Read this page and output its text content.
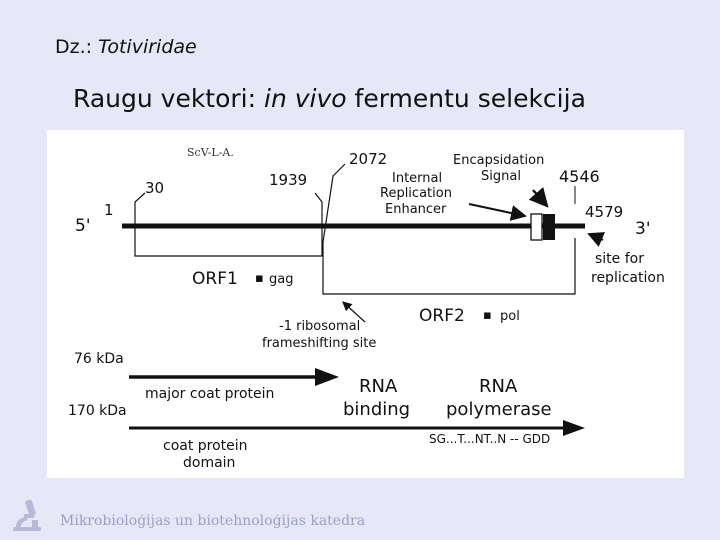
Dz.: Totiviridae
Raugu vektori: in vivo fermentu selekcija
ScV-L-A.
5'	3'
1
30	1939
ORF1 ▪ gag
2072
ORF2 ▪ pol
-1 ribosomal
frameshifting site
Internal
Replication
Enhancer
Encapsidation
Signal 4546
4579
site for
replication
76 kDa
major coat protein	RNA
binding
RNA
polymerase
170 kDa
coat protein
domain
SG...T...NT..N -- GDD
Mikrobioloģijas un biotehnoloģijas katedra
